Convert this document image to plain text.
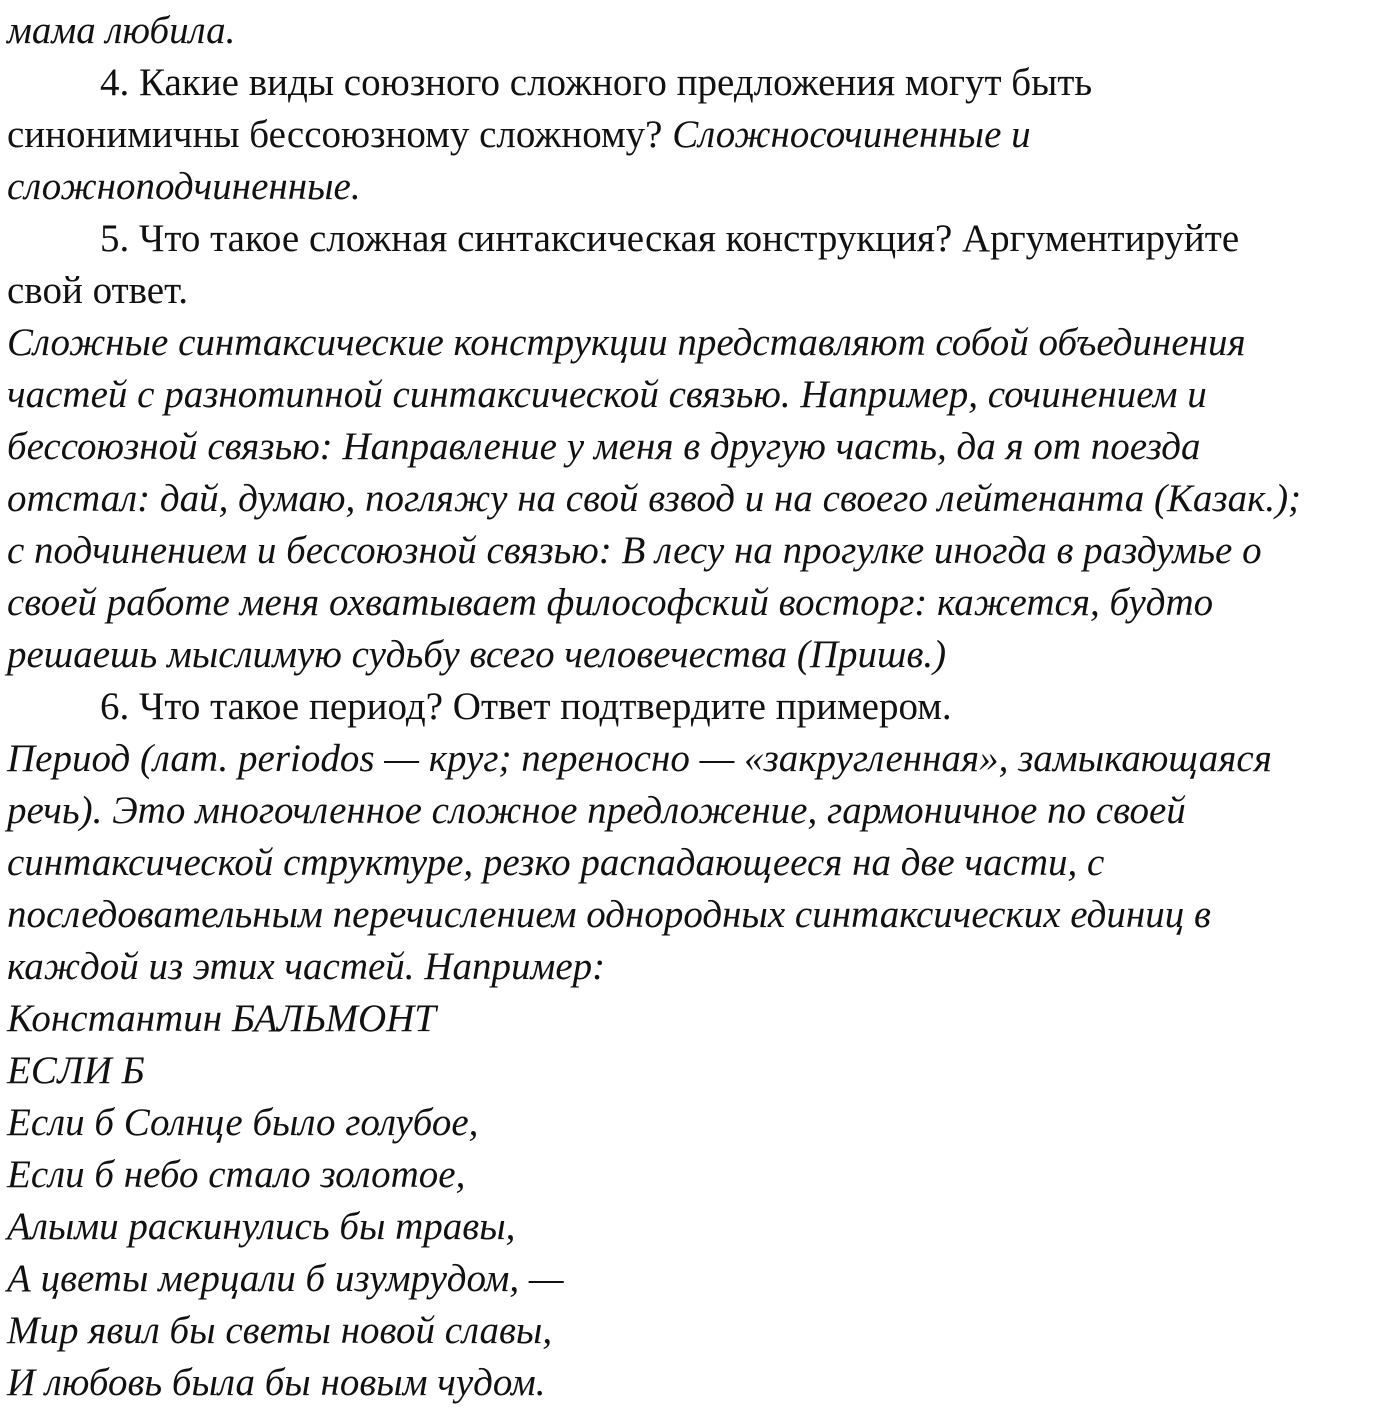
мама любила.
4. Какие виды союзного сложного предложения могут быть
синонимичны бессоюзному сложному? Сложносочиненные и
сложноподчиненные.
5. Что такое сложная синтаксическая конструкция? Аргументируйте
свой ответ.
Сложные синтаксические конструкции представляют собой объединения
частей с разнотипной синтаксической связью. Например, сочинением и
бессоюзной связью: Направление у меня в другую часть, да я от поезда
отстал: дай, думаю, погляжу на свой взвод и на своего лейтенанта (Казак.);
с подчинением и бессоюзной связью: В лесу на прогулке иногда в раздумье о
своей работе меня охватывает философский восторг: кажется, будто
решаешь мыслимую судьбу всего человечества (Пришв.)
6. Что такое период? Ответ подтвердите примером.
Период (лат. periodos — круг; переносно — «закругленная», замыкающаяся
речь). Это многочленное сложное предложение, гармоничное по своей
синтаксической структуре, резко распадающееся на две части, с
последовательным перечислением однородных синтаксических единиц в
каждой из этих частей. Например:
Константин БАЛЬМОНТ
ЕСЛИ Б
Если б Солнце было голубое,
Если б небо стало золотое,
Алыми раскинулись бы травы,
А цветы мерцали б изумрудом, —
Мир явил бы светы новой славы,
И любовь была бы новым чудом.
